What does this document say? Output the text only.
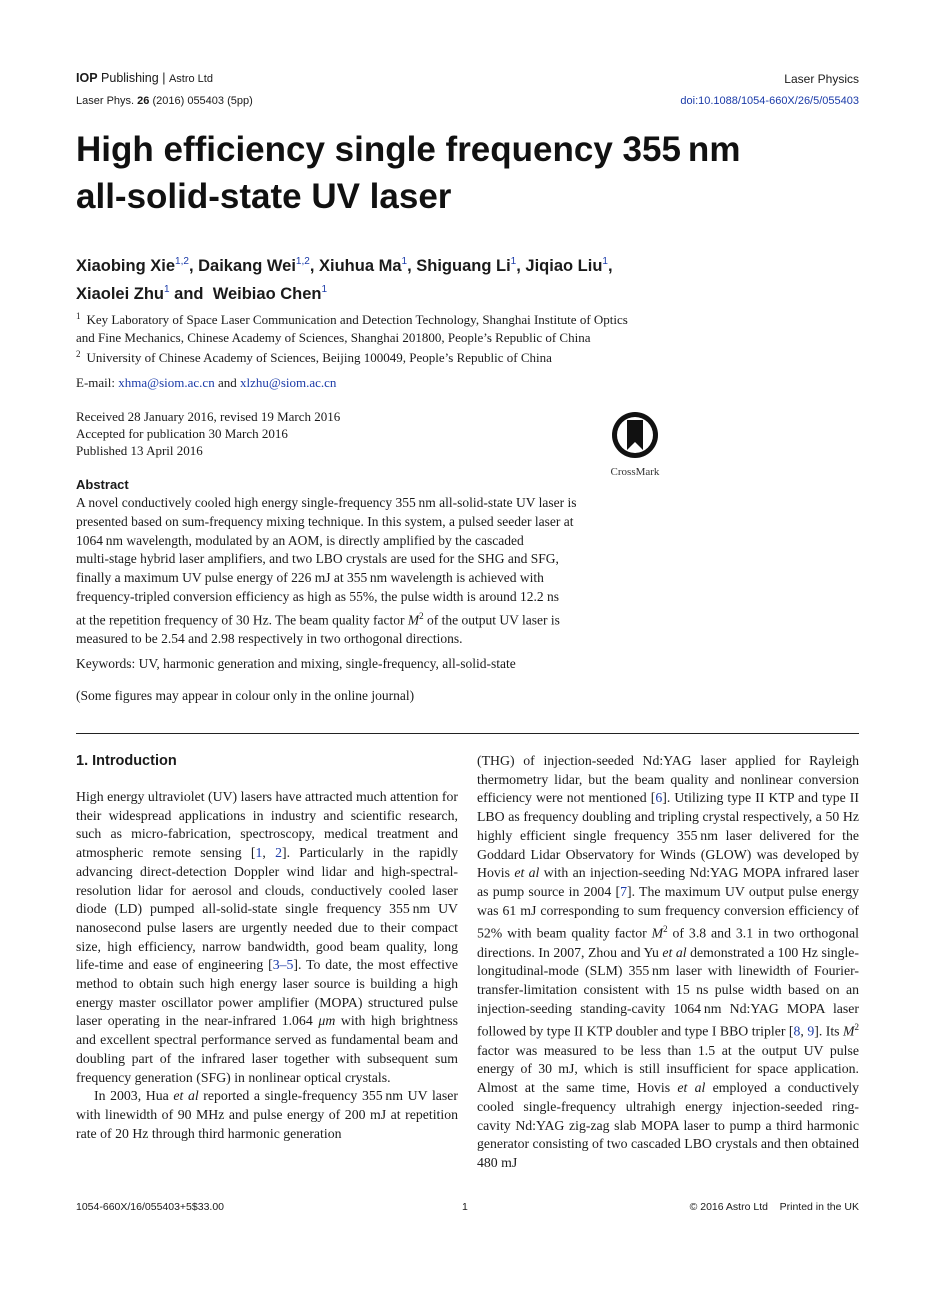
IOP Publishing | Astro Ltd	Laser Physics
Laser Phys. 26 (2016) 055403 (5pp)	doi:10.1088/1054-660X/26/5/055403
High efficiency single frequency 355 nm
all-solid-state UV laser
Xiaobing Xie$^{1,2}$, Daikang Wei$^{1,2}$, Xiuhua Ma$^1$, Shiguang Li$^1$, Jiqiao Liu$^1$,
Xiaolei Zhu$^1$ and  Weibiao Chen$^1$
$^1$ Key Laboratory of Space Laser Communication and Detection Technology, Shanghai Institute of Optics
and Fine Mechanics, Chinese Academy of Sciences, Shanghai 201800, People’s Republic of China
$^2$ University of Chinese Academy of Sciences, Beijing 100049, People’s Republic of China
E-mail: xhma@siom.ac.cn and xlzhu@siom.ac.cn
Received 28 January 2016, revised 19 March 2016
Accepted for publication 30 March 2016
Published 13 April 2016
CrossMark
Abstract
A novel conductively cooled high energy single-frequency 355 nm all-solid-state UV laser is
presented based on sum-frequency mixing technique. In this system, a pulsed seeder laser at
1064 nm wavelength, modulated by an AOM, is directly amplified by the cascaded
multi-stage hybrid laser amplifiers, and two LBO crystals are used for the SHG and SFG,
finally a maximum UV pulse energy of 226 mJ at 355 nm wavelength is achieved with
frequency-tripled conversion efficiency as high as 55%, the pulse width is around 12.2 ns
at the repetition frequency of 30 Hz. The beam quality factor $M^2$ of the output UV laser is
measured to be 2.54 and 2.98 respectively in two orthogonal directions.
Keywords: UV, harmonic generation and mixing, single-frequency, all-solid-state
(Some figures may appear in colour only in the online journal)
1. Introduction

High energy ultraviolet (UV) lasers have attracted much attention for their widespread applications in industry and scientific research, such as micro-fabrication, spectroscopy, medical treatment and atmospheric remote sensing [1, 2]. Particularly in the rapidly advancing direct-detection Doppler wind lidar and high-spectral-resolution lidar for aerosol and clouds, conductively cooled laser diode (LD) pumped all-solid-state single frequency 355 nm UV nanosecond pulse lasers are urgently needed due to their compact size, high efficiency, narrow bandwidth, good beam quality, long life-time and ease of engineering [3–5]. To date, the most effective method to obtain such high energy laser source is building a high energy master oscillator power amplifier (MOPA) structured pulse laser operating in the near-infrared 1.064 μm with high brightness and excellent spectral performance served as fundamental beam and doubling part of the infrared laser together with subsequent sum frequency generation (SFG) in nonlinear optical crystals.

In 2003, Hua et al reported a single-frequency 355 nm UV laser with linewidth of 90 MHz and pulse energy of 200 mJ at repetition rate of 20 Hz through third harmonic generation

(THG) of injection-seeded Nd:YAG laser applied for Rayleigh thermometry lidar, but the beam quality and nonlinear conversion efficiency were not mentioned [6]. Utilizing type II KTP and type II LBO as frequency doubling and tripling crystal respectively, a 50 Hz highly efficient single frequency 355 nm laser delivered for the Goddard Lidar Observatory for Winds (GLOW) was developed by Hovis et al with an injection-seeding Nd:YAG MOPA infrared laser as pump source in 2004 [7]. The maximum UV output pulse energy was 61 mJ corresponding to sum frequency conversion efficiency of 52% with beam quality factor $M^2$ of 3.8 and 3.1 in two orthogonal directions. In 2007, Zhou and Yu et al demonstrated a 100 Hz single-longitudinal-mode (SLM) 355 nm laser with linewidth of Fourier-transfer-limitation consistent with 15 ns pulse width based on an injection-seeding standing-cavity 1064 nm Nd:YAG MOPA laser followed by type II KTP doubler and type I BBO tripler [8, 9]. Its $M^2$ factor was measured to be less than 1.5 at the output UV pulse energy of 30 mJ, which is still insufficient for space application. Almost at the same time, Hovis et al employed a conductively cooled single-frequency ultrahigh energy injection-seeded ring-cavity Nd:YAG zig-zag slab MOPA laser to pump a third harmonic generator consisting of two cascaded LBO crystals and then obtained 480 mJ

1054-660X/16/055403+5$33.00	1	© 2016 Astro Ltd    Printed in the UK
